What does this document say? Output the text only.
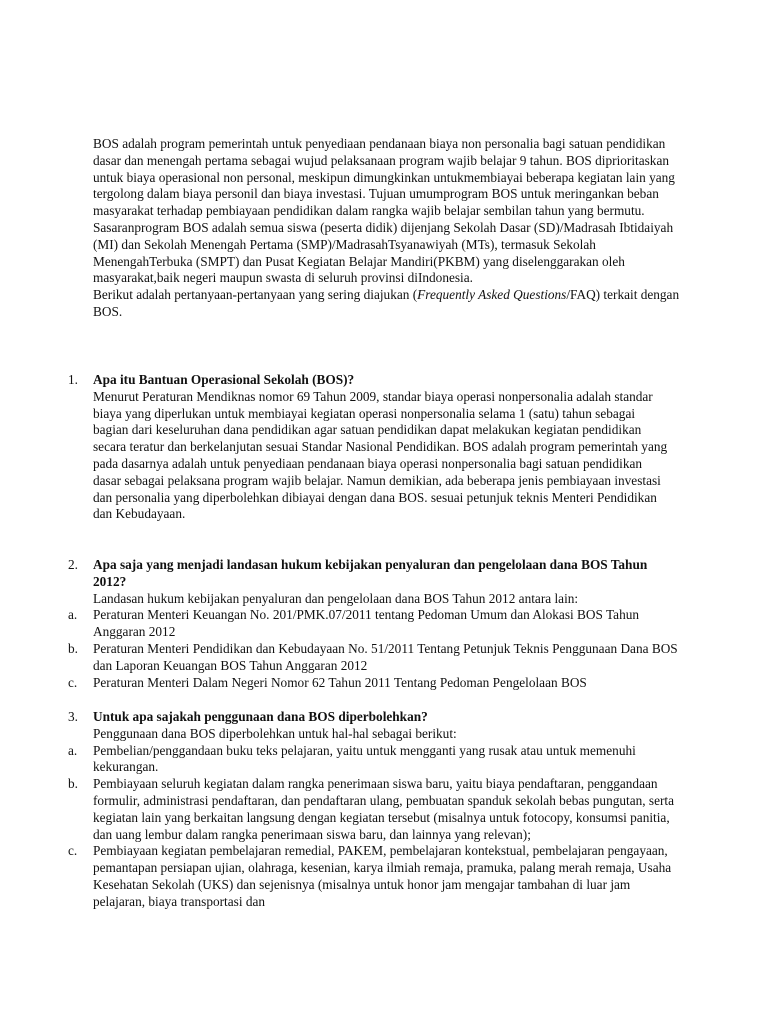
BOS adalah program pemerintah untuk penyediaan pendanaan biaya non personalia bagi satuan pendidikan dasar dan menengah pertama sebagai wujud pelaksanaan program wajib belajar 9 tahun. BOS diprioritaskan untuk biaya operasional non personal, meskipun dimungkinkan untukmembiayai beberapa kegiatan lain yang tergolong dalam biaya personil dan biaya investasi. Tujuan umumprogram BOS untuk meringankan beban masyarakat terhadap pembiayaan pendidikan dalam rangka wajib belajar sembilan tahun yang bermutu. Sasaranprogram BOS adalah semua siswa (peserta didik) dijenjang Sekolah Dasar (SD)/Madrasah Ibtidaiyah (MI) dan Sekolah Menengah Pertama (SMP)/MadrasahTsyanawiyah (MTs), termasuk Sekolah MenengahTerbuka (SMPT) dan Pusat Kegiatan Belajar Mandiri(PKBM) yang diselenggarakan oleh masyarakat,baik negeri maupun swasta di seluruh provinsi diIndonesia.

Berikut adalah pertanyaan-pertanyaan yang sering diajukan (Frequently Asked Questions/FAQ) terkait dengan BOS.

1. Apa itu Bantuan Operasional Sekolah (BOS)?
Menurut Peraturan Mendiknas nomor 69 Tahun 2009, standar biaya operasi nonpersonalia adalah standar biaya yang diperlukan untuk membiayai kegiatan operasi nonpersonalia selama 1 (satu) tahun sebagai bagian dari keseluruhan dana pendidikan agar satuan pendidikan dapat melakukan kegiatan pendidikan secara teratur dan berkelanjutan sesuai Standar Nasional Pendidikan. BOS adalah program pemerintah yang pada dasarnya adalah untuk penyediaan pendanaan biaya operasi nonpersonalia bagi satuan pendidikan dasar sebagai pelaksana program wajib belajar. Namun demikian, ada beberapa jenis pembiayaan investasi dan personalia yang diperbolehkan dibiayai dengan dana BOS. sesuai petunjuk teknis Menteri Pendidikan dan Kebudayaan.
2. Apa saja yang menjadi landasan hukum kebijakan penyaluran dan pengelolaan dana BOS Tahun 2012?
Landasan hukum kebijakan penyaluran dan pengelolaan dana BOS Tahun 2012 antara lain:
a. Peraturan Menteri Keuangan No. 201/PMK.07/2011 tentang Pedoman Umum dan Alokasi BOS Tahun Anggaran 2012
b. Peraturan Menteri Pendidikan dan Kebudayaan No. 51/2011 Tentang Petunjuk Teknis Penggunaan Dana BOS dan Laporan Keuangan BOS Tahun Anggaran 2012
c. Peraturan Menteri Dalam Negeri Nomor 62 Tahun 2011 Tentang Pedoman Pengelolaan BOS
3. Untuk apa sajakah penggunaan dana BOS diperbolehkan?
Penggunaan dana BOS diperbolehkan untuk hal-hal sebagai berikut:
a. Pembelian/penggandaan buku teks pelajaran, yaitu untuk mengganti yang rusak atau untuk memenuhi kekurangan.
b. Pembiayaan seluruh kegiatan dalam rangka penerimaan siswa baru, yaitu biaya pendaftaran, penggandaan formulir, administrasi pendaftaran, dan pendaftaran ulang, pembuatan spanduk sekolah bebas pungutan, serta kegiatan lain yang berkaitan langsung dengan kegiatan tersebut (misalnya untuk fotocopy, konsumsi panitia, dan uang lembur dalam rangka penerimaan siswa baru, dan lainnya yang relevan);
c. Pembiayaan kegiatan pembelajaran remedial, PAKEM, pembelajaran kontekstual, pembelajaran pengayaan, pemantapan persiapan ujian, olahraga, kesenian, karya ilmiah remaja, pramuka, palang merah remaja, Usaha Kesehatan Sekolah (UKS) dan sejenisnya (misalnya untuk honor jam mengajar tambahan di luar jam pelajaran, biaya transportasi dan
